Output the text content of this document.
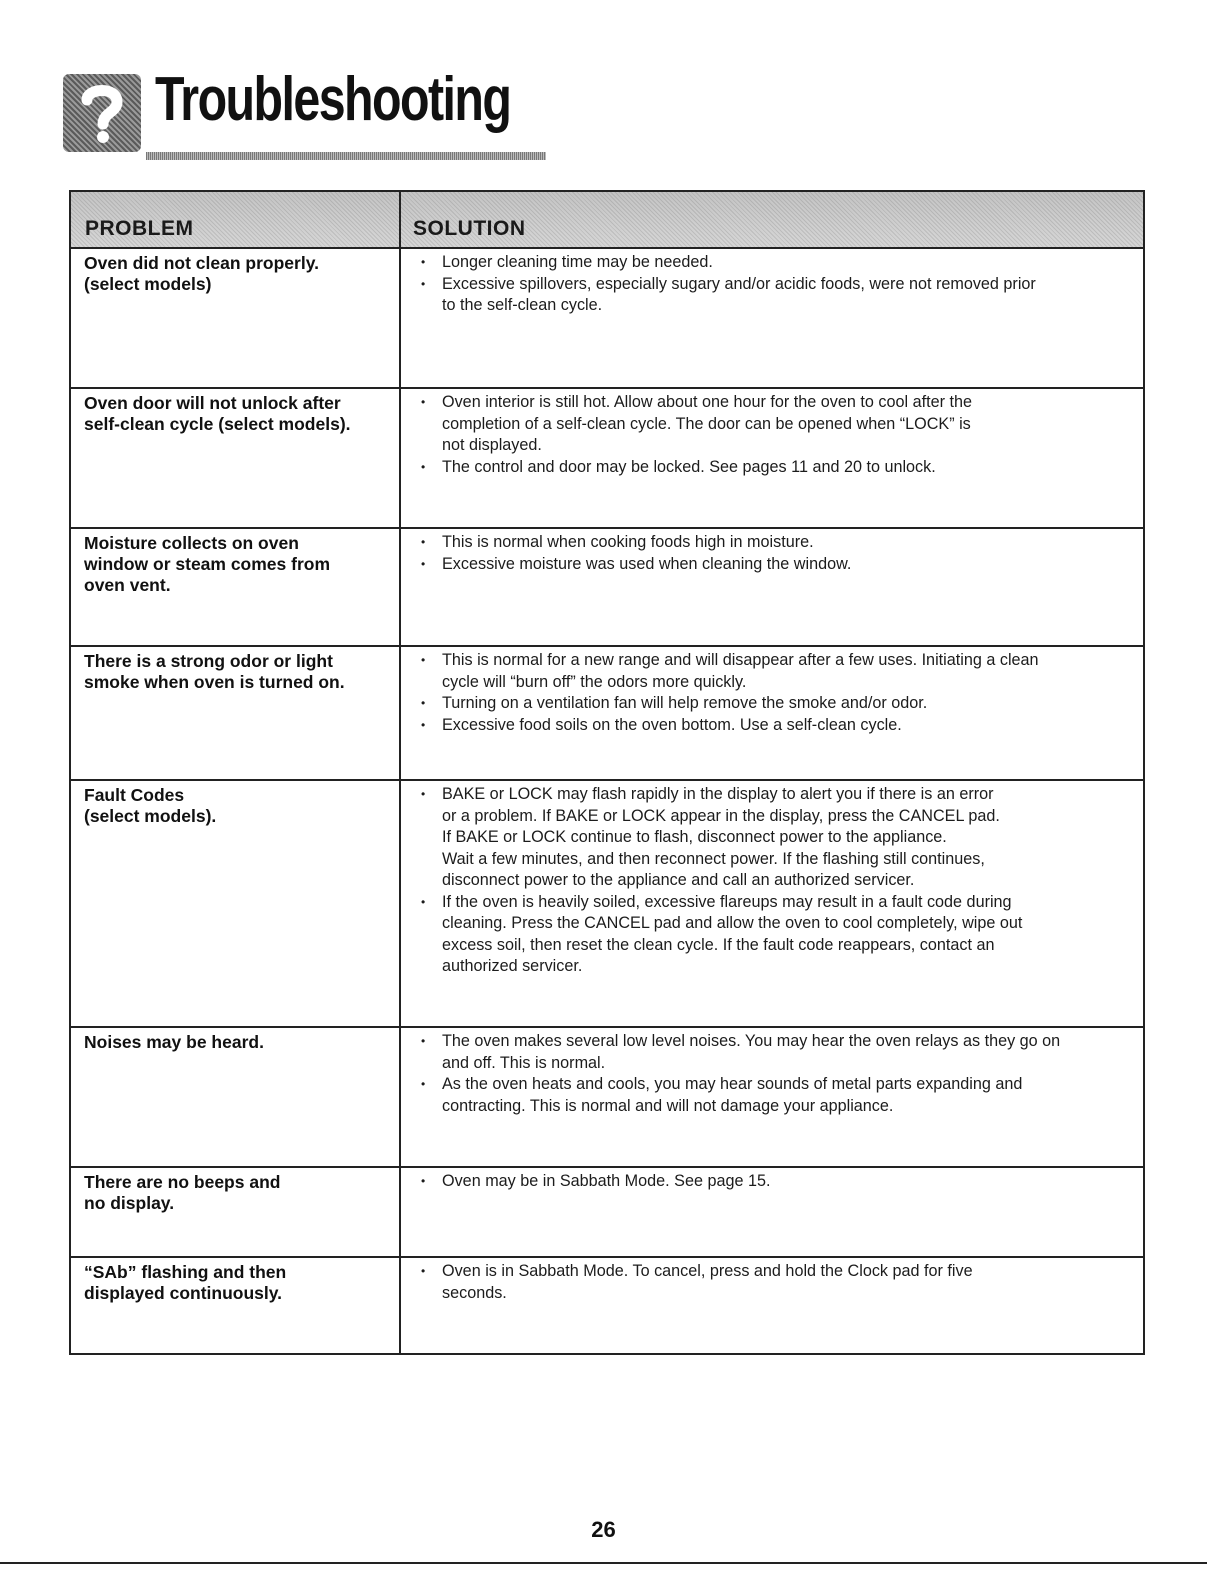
Troubleshooting
PROBLEM	SOLUTION
Oven did not clean properly.
(select models)
• Longer cleaning time may be needed.
• Excessive spillovers, especially sugary and/or acidic foods, were not removed prior
to the self-clean cycle.
Oven door will not unlock after
self-clean cycle (select models).
• Oven interior is still hot. Allow about one hour for the oven to cool after the
completion of a self-clean cycle. The door can be opened when “LOCK” is
not displayed.
• The control and door may be locked. See pages 11 and 20 to unlock.
Moisture collects on oven
window or steam comes from
oven vent.
• This is normal when cooking foods high in moisture.
• Excessive moisture was used when cleaning the window.
There is a strong odor or light
smoke when oven is turned on.
• This is normal for a new range and will disappear after a few uses. Initiating a clean
cycle will “burn off” the odors more quickly.
• Turning on a ventilation fan will help remove the smoke and/or odor.
• Excessive food soils on the oven bottom. Use a self-clean cycle.
Fault Codes
(select models).
• BAKE or LOCK may flash rapidly in the display to alert you if there is an error
or a problem. If BAKE or LOCK appear in the display, press the CANCEL pad.
If BAKE or LOCK continue to flash, disconnect power to the appliance.
Wait a few minutes, and then reconnect power. If the flashing still continues,
disconnect power to the appliance and call an authorized servicer.
• If the oven is heavily soiled, excessive flareups may result in a fault code during
cleaning. Press the CANCEL pad and allow the oven to cool completely, wipe out
excess soil, then reset the clean cycle. If the fault code reappears, contact an
authorized servicer.
Noises may be heard.
•	The oven makes several low level noises. You may hear the oven relays as they go on
and off. This is normal.
• As the oven heats and cools, you may hear sounds of metal parts expanding and
contracting. This is normal and will not damage your appliance.
There are no beeps and
no display.
• Oven may be in Sabbath Mode. See page 15.
“SAb” flashing and then
displayed continuously.
• Oven is in Sabbath Mode. To cancel, press and hold the Clock pad for five
seconds.
26
